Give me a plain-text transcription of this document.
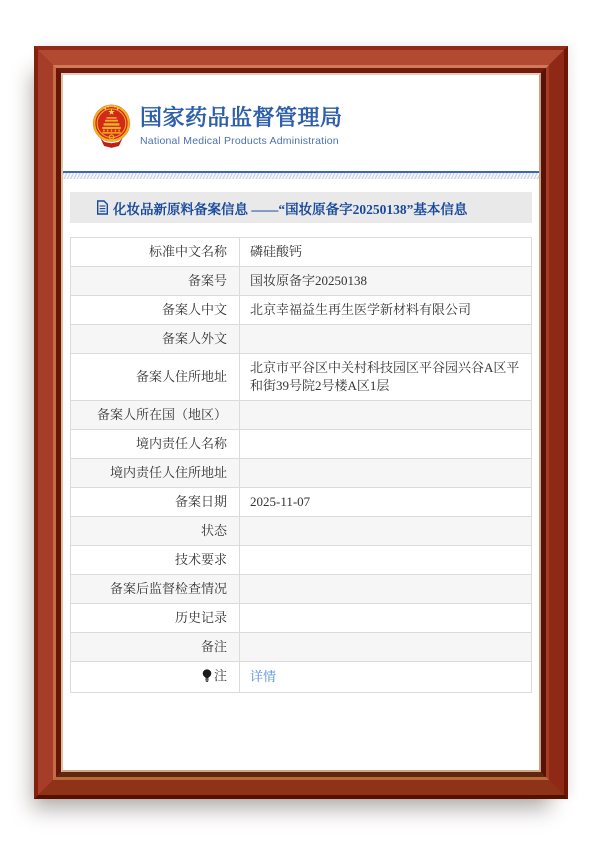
国家药品监督管理局
National Medical Products Administration
化妆品新原料备案信息 ——“国妆原备字20250138”基本信息
标准中文名称	磷硅酸钙
备案号	国妆原备字20250138
备案人中文	北京幸福益生再生医学新材料有限公司
备案人外文	
备案人住所地址	北京市平谷区中关村科技园区平谷园兴谷A区平和街39号院2号楼A区1层
备案人所在国（地区）	
境内责任人名称	
境内责任人住所地址	
备案日期	2025-11-07
状态	
技术要求	
备案后监督检查情况	
历史记录	
备注	
注	详情
